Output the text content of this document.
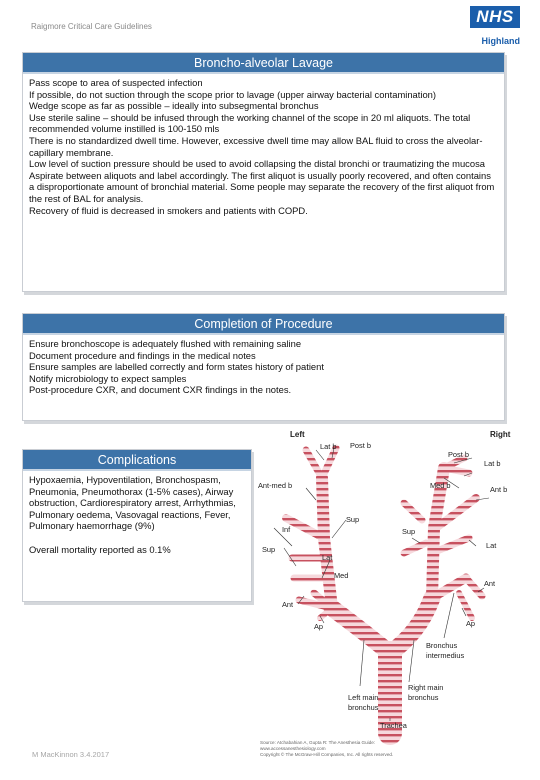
Raigmore Critical Care Guidelines
NHS
Highland
Broncho-alveolar Lavage

Pass scope to area of suspected infection

If possible, do not suction through the scope prior to lavage (upper airway bacterial contamination)

Wedge scope as far as possible – ideally into subsegmental bronchus

Use sterile saline – should be infused through the working channel of the scope in 20 ml aliquots. The total recommended volume instilled is 100-150 mls

There is no standardized dwell time. However, excessive dwell time may allow BAL fluid to cross the alveolar-capillary membrane.

Low level of suction pressure should be used to avoid collapsing the distal bronchi or traumatizing the mucosa

Aspirate between aliquots and label accordingly. The first aliquot is usually poorly recovered, and often contains a disproportionate amount of bronchial material. Some people may separate the recovery of the first aliquot from the rest of BAL for analysis.

Recovery of fluid is decreased in smokers and patients with COPD.

Completion of Procedure

Ensure bronchoscope is adequately flushed with remaining saline

Document procedure and findings in the medical notes

Ensure samples are labelled correctly and form states history of patient

Notify microbiology to expect samples

Post-procedure CXR, and document CXR findings in the notes.

Complications

Hypoxaemia, Hypoventilation, Bronchospasm, Pneumonia, Pneumothorax (1-5% cases), Airway obstruction, Cardiorespiratory arrest, Arrhythmias, Pulmonary oedema, Vasovagal reactions, Fever, Pulmonary haemorrhage (9%)

Overall mortality reported as 0.1%

M MacKinnon 3.4.2017
Left	Right
Lat b Post b
Ant-med b
Sup
Inf
Sup
Lat
Med
Ant
Ap
Post b
Lat b
Med b	Ant b
Sup
Lat
Ant
Ap
Bronchus
intermedius
Left main
bronchus
Right main
bronchus
Trachea
Source: Atchabahian A, Gupta R: The Anesthesia Guide:
www.accessanesthesiology.com
Copyright © The McGraw-Hill Companies, Inc. All rights reserved.
